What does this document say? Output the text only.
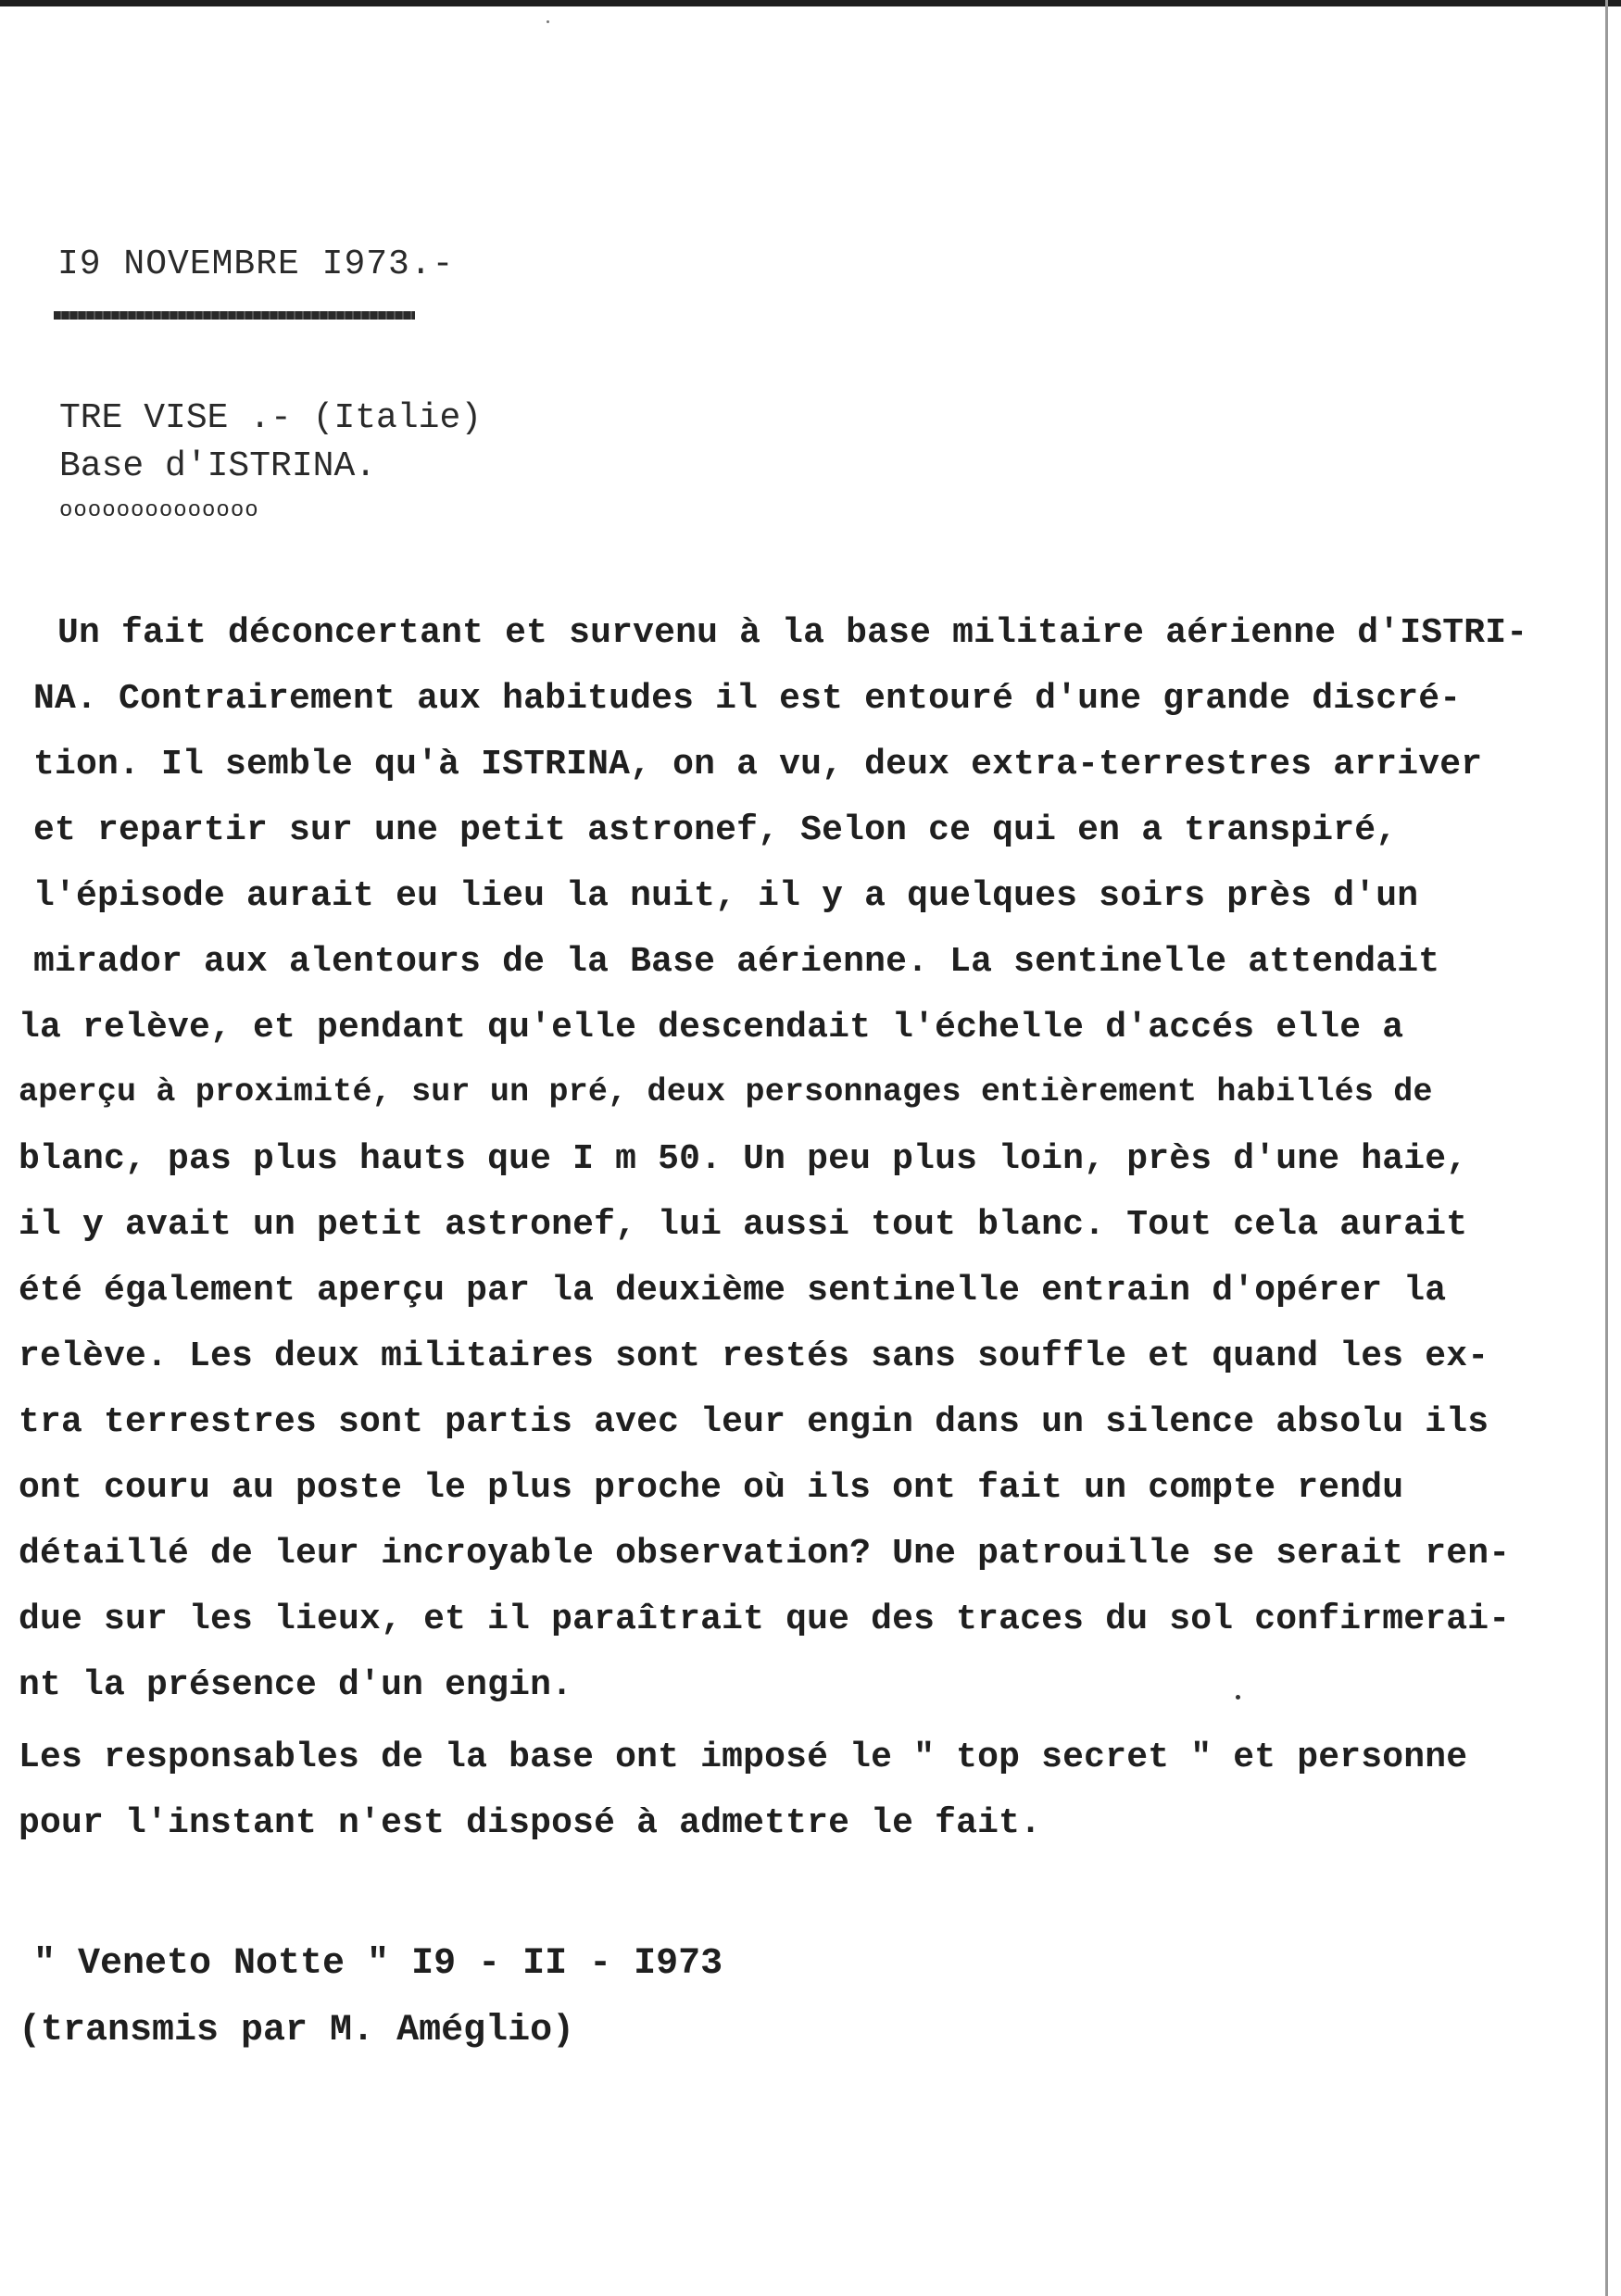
I9 NOVEMBRE I973.-
TRE VISE .- (Italie)
Base d'ISTRINA.
oooooooooooooo
Un fait déconcertant et survenu à la base militaire aérienne d'ISTRI-
NA. Contrairement aux habitudes il est entouré d'une grande discré-
tion. Il semble qu'à ISTRINA, on a vu, deux extra-terrestres arriver
et repartir sur une petit astronef, Selon ce qui en a transpiré,
l'épisode aurait eu lieu la nuit, il y a quelques soirs près d'un
mirador aux alentours de la Base aérienne. La sentinelle attendait
la relève, et pendant qu'elle descendait l'échelle d'accés elle a
aperçu à proximité, sur un pré, deux personnages entièrement habillés de
blanc, pas plus hauts que I m 50. Un peu plus loin, près d'une haie,
il y avait un petit astronef, lui aussi tout blanc. Tout cela aurait
été également aperçu par la deuxième sentinelle entrain d'opérer la
relève. Les deux militaires sont restés sans souffle et quand les ex-
tra terrestres sont partis avec leur engin dans un silence absolu ils
ont couru au poste le plus proche où ils ont fait un compte rendu
détaillé de leur incroyable observation? Une patrouille se serait ren-
due sur les lieux, et il paraîtrait que des traces du sol confirmerai-
nt la présence d'un engin.
Les responsables de la base ont imposé le " top secret " et personne
pour l'instant n'est disposé à admettre le fait.
" Veneto Notte " I9 - II - I973
(transmis par M. Améglio)
